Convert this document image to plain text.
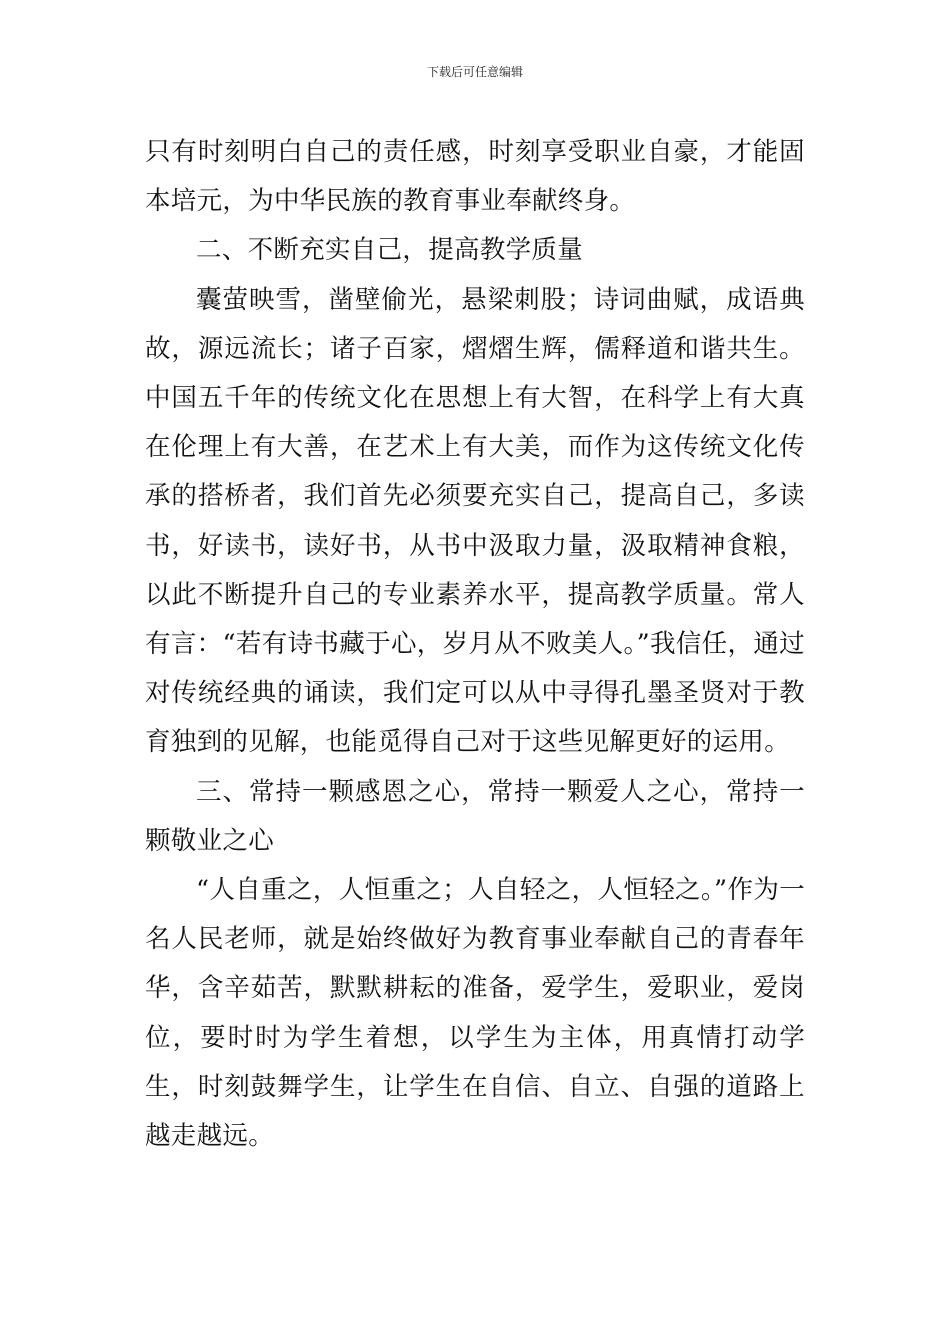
下载后可任意编辑

只有时刻明白自己的责任感，时刻享受职业自豪，才能固本培元，为中华民族的教育事业奉献终身。

二、不断充实自己，提高教学质量

囊萤映雪，凿壁偷光，悬梁刺股；诗词曲赋，成语典故，源远流长；诸子百家，熠熠生辉，儒释道和谐共生。中国五千年的传统文化在思想上有大智，在科学上有大真在伦理上有大善，在艺术上有大美，而作为这传统文化传承的搭桥者，我们首先必须要充实自己，提高自己，多读书，好读书，读好书，从书中汲取力量，汲取精神食粮，以此不断提升自己的专业素养水平，提高教学质量。常人有言：“若有诗书藏于心，岁月从不败美人。”我信任，通过对传统经典的诵读，我们定可以从中寻得孔墨圣贤对于教育独到的见解，也能觅得自己对于这些见解更好的运用。

三、常持一颗感恩之心，常持一颗爱人之心，常持一颗敬业之心

“人自重之，人恒重之；人自轻之，人恒轻之。”作为一名人民老师，就是始终做好为教育事业奉献自己的青春年华，含辛茹苦，默默耕耘的准备，爱学生，爱职业，爱岗位，要时时为学生着想，以学生为主体，用真情打动学生，时刻鼓舞学生，让学生在自信、自立、自强的道路上越走越远。
